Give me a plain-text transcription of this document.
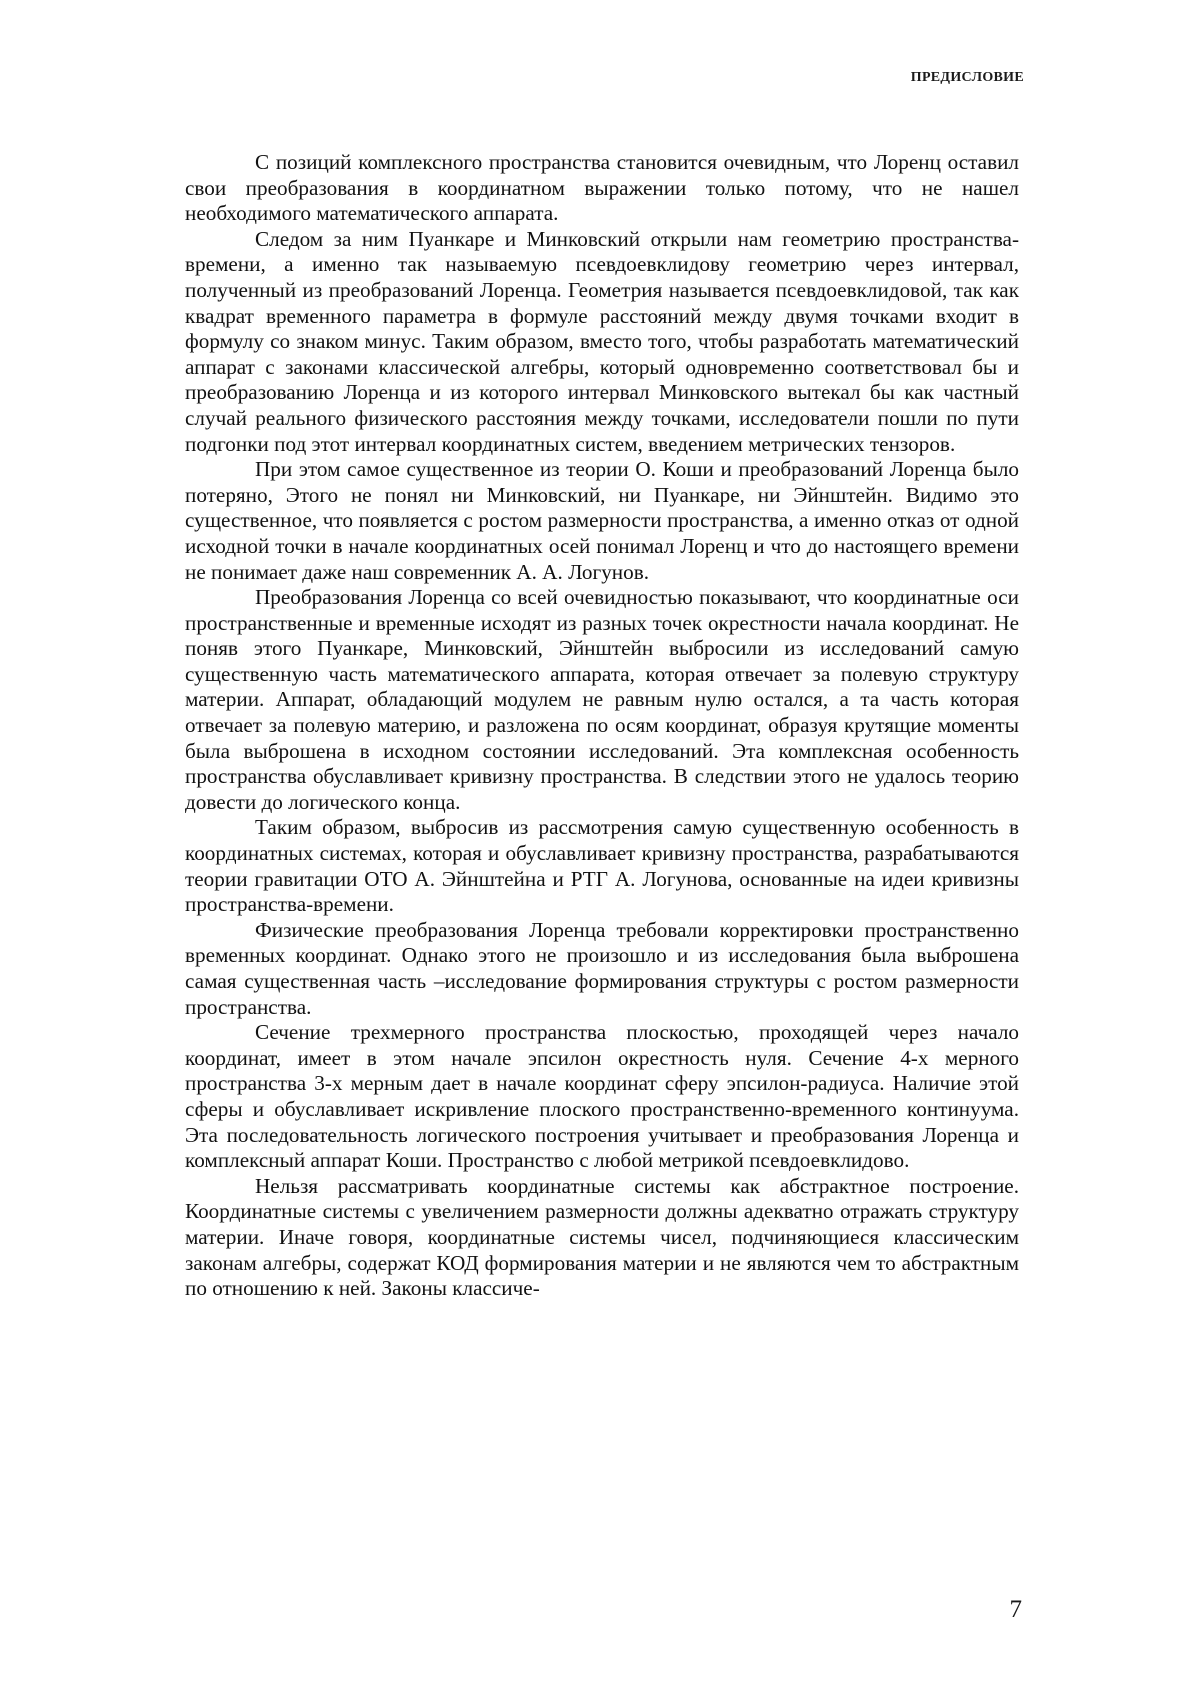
ПРЕДИСЛОВИЕ

С позиций комплексного пространства становится очевидным, что Лоренц оставил свои преобразования в координатном выражении только потому, что не нашел необходимого математического аппарата.

Следом за ним Пуанкаре и Минковский открыли нам геометрию пространства- времени, а именно так называемую псевдоевклидову геометрию через интервал, полученный из преобразований Лоренца. Геометрия называется псевдоевклидовой, так как квадрат временного параметра в формуле расстояний между двумя точками входит в формулу со знаком минус. Таким образом, вместо того, чтобы разработать математический аппарат с законами классической алгебры, который одновременно соответствовал бы и преобразованию Лоренца и из которого интервал Минковского вытекал бы как частный случай реального физического расстояния между точками, исследователи пошли по пути подгонки под этот интервал координатных систем, введением метрических тензоров.

При этом самое существенное из теории О. Коши и преобразований Лоренца было потеряно, Этого не понял ни Минковский, ни Пуанкаре, ни Эйнштейн. Видимо это существенное, что появляется с ростом размерности пространства, а именно отказ от одной исходной точки в начале координатных осей понимал Лоренц и что до настоящего времени не понимает даже наш современник А. А. Логунов.

Преобразования Лоренца со всей очевидностью показывают, что координатные оси пространственные и временные исходят из разных точек окрестности начала координат. Не поняв этого Пуанкаре, Минковский, Эйнштейн выбросили из исследований самую существенную часть математического аппарата, которая отвечает за полевую структуру материи. Аппарат, обладающий модулем не равным нулю остался, а та часть которая отвечает за полевую материю, и разложена по осям координат, образуя крутящие моменты была выброшена в исходном состоянии исследований. Эта комплексная особенность пространства обуславливает кривизну пространства. В следствии этого не удалось теорию довести до логического конца.

Таким образом, выбросив из рассмотрения самую существенную особенность в координатных системах, которая и обуславливает кривизну пространства, разрабатываются теории гравитации ОТО А. Эйнштейна и РТГ А. Логунова, основанные на идеи кривизны пространства-времени.

Физические преобразования Лоренца требовали корректировки пространственно временных координат. Однако этого не произошло и из исследования была выброшена самая существенная часть –исследование формирования структуры с ростом размерности пространства.

Сечение трехмерного пространства плоскостью, проходящей через начало координат, имеет в этом начале эпсилон окрестность нуля. Сечение 4-х мерного пространства 3-х мерным дает в начале координат сферу эпсилон-радиуса. Наличие этой сферы и обуславливает искривление плоского пространственно-временного континуума. Эта последовательность логического построения учитывает и преобразования Лоренца и комплексный аппарат Коши. Пространство с любой метрикой псевдоевклидово.

Нельзя рассматривать координатные системы как абстрактное построение. Координатные системы с увеличением размерности должны адекватно отражать структуру материи. Иначе говоря, координатные системы чисел, подчиняющиеся классическим законам алгебры, содержат КОД формирования материи и не являются чем то абстрактным по отношению к ней. Законы классиче-

7
